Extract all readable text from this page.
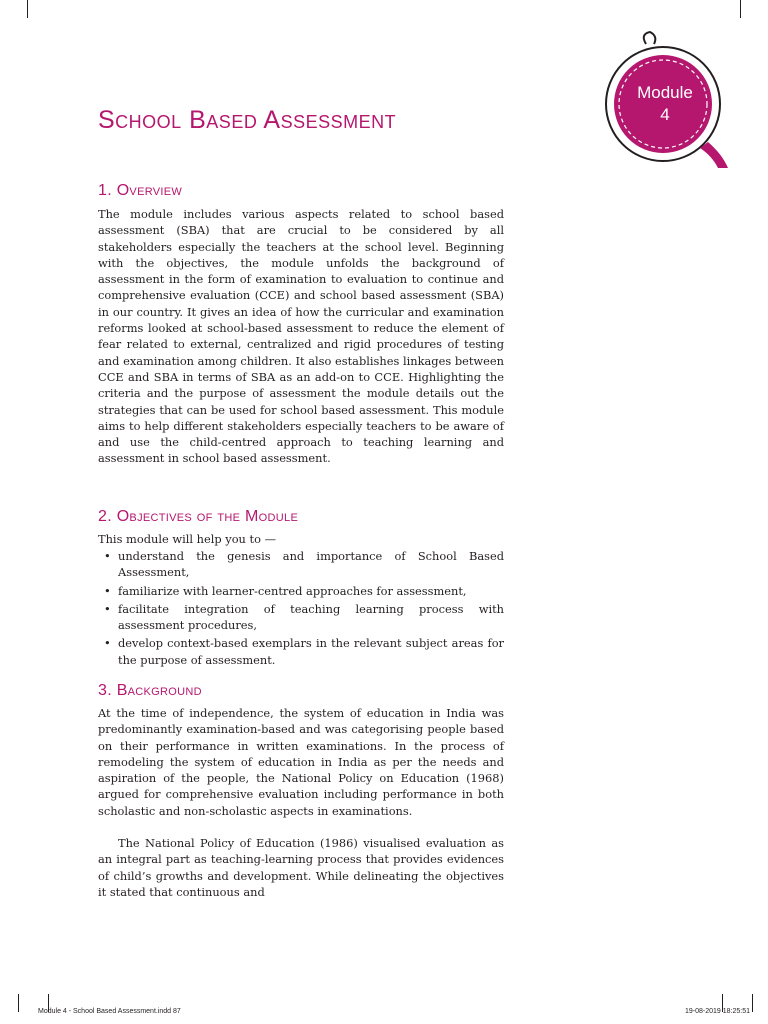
Module
4
School Based Assessment
1. Overview

The module includes various aspects related to school based assessment (SBA) that are crucial to be considered by all stakeholders especially the teachers at the school level. Beginning with the objectives, the module unfolds the background of assessment in the form of examination to evaluation to continue and comprehensive evaluation (CCE) and school based assessment (SBA) in our country. It gives an idea of how the curricular and examination reforms looked at school-based assessment to reduce the element of fear related to external, centralized and rigid procedures of testing and examination among children. It also establishes linkages between CCE and SBA in terms of SBA as an add-on to CCE. Highlighting the criteria and the purpose of assessment the module details out the strategies that can be used for school based assessment. This module aims to help different stakeholders especially teachers to be aware of and use the child-centred approach to teaching learning and assessment in school based assessment.

2. Objectives of the Module

This module will help you to —

• understand the genesis and importance of School Based Assessment,
• familiarize with learner-centred approaches for assessment,
• facilitate integration of teaching learning process with assessment procedures,
• develop context-based exemplars in the relevant subject areas for the purpose of assessment.
3. Background

At the time of independence, the system of education in India was predominantly examination-based and was categorising people based on their performance in written examinations. In the process of remodeling the system of education in India as per the needs and aspiration of the people, the National Policy on Education (1968) argued for comprehensive evaluation including performance in both scholastic and non-scholastic aspects in examinations.

The National Policy of Education (1986) visualised evaluation as an integral part as teaching-learning process that provides evidences of child’s growths and development. While delineating the objectives it stated that continuous and

Module 4 - School Based Assessment.indd 87	19-08-2019 18:25:51
